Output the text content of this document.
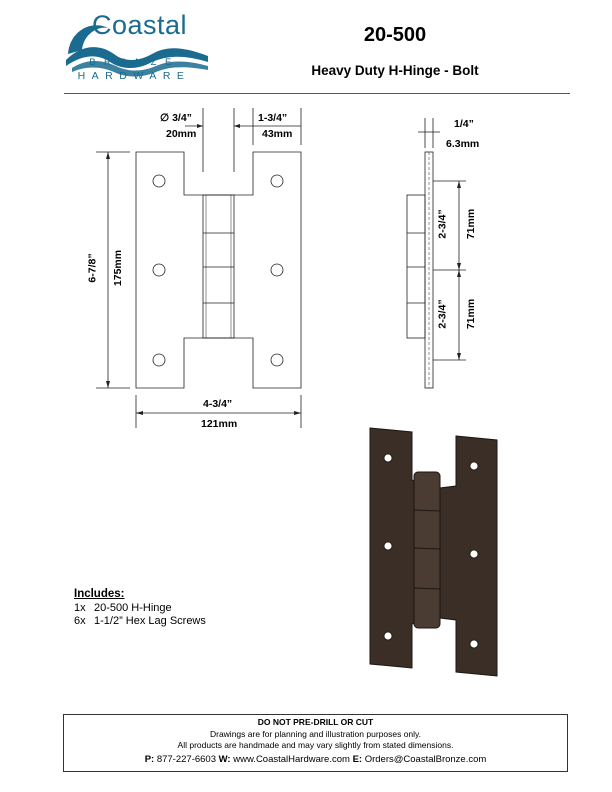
Coastal
BRONZE
HARDWARE
20-500
Heavy Duty H-Hinge - Bolt
∅ 3/4”
20mm
1-3/4”
43mm
6-7/8” 175mm
4-3/4”
121mm
1/4”
6.3mm
2-3/4” 71mm
2-3/4” 71mm
Includes:
1x 20-500 H-Hinge
6x 1-1/2” Hex Lag Screws
DO NOT PRE-DRILL OR CUT
Drawings are for planning and illustration purposes only.
All products are handmade and may vary slightly from stated dimensions.
P: 877-227-6603 W: www.CoastalHardware.com E: Orders@CoastalBronze.com
